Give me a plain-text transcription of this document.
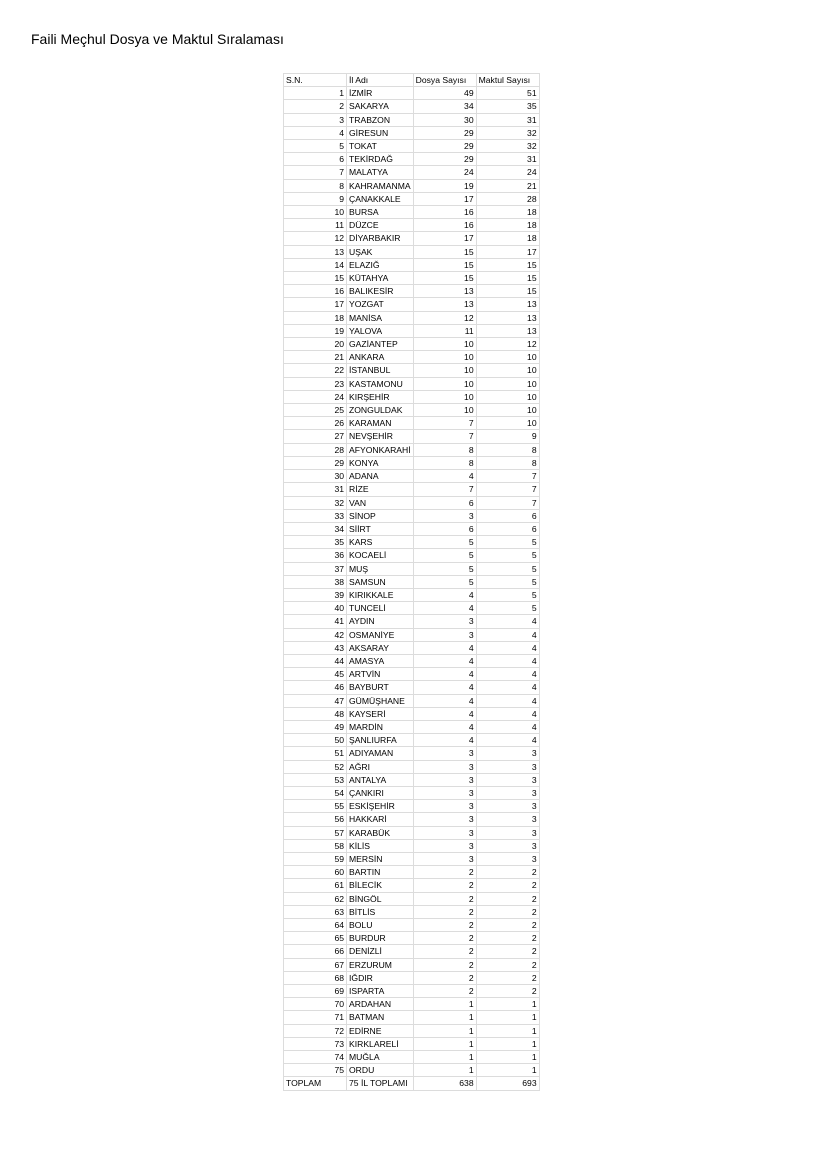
Faili Meçhul Dosya ve Maktul Sıralaması
S.N.	İl Adı	Dosya Sayısı	Maktul Sayısı
1	İZMİR	49	51
2	SAKARYA	34	35
3	TRABZON	30	31
4	GİRESUN	29	32
5	TOKAT	29	32
6	TEKİRDAĞ	29	31
7	MALATYA	24	24
8	KAHRAMANMA	19	21
9	ÇANAKKALE	17	28
10	BURSA	16	18
11	DÜZCE	16	18
12	DİYARBAKIR	17	18
13	UŞAK	15	17
14	ELAZIĞ	15	15
15	KÜTAHYA	15	15
16	BALIKESİR	13	15
17	YOZGAT	13	13
18	MANİSA	12	13
19	YALOVA	11	13
20	GAZİANTEP	10	12
21	ANKARA	10	10
22	İSTANBUL	10	10
23	KASTAMONU	10	10
24	KIRŞEHİR	10	10
25	ZONGULDAK	10	10
26	KARAMAN	7	10
27	NEVŞEHİR	7	9
28	AFYONKARAHİ	8	8
29	KONYA	8	8
30	ADANA	4	7
31	RİZE	7	7
32	VAN	6	7
33	SİNOP	3	6
34	SİİRT	6	6
35	KARS	5	5
36	KOCAELİ	5	5
37	MUŞ	5	5
38	SAMSUN	5	5
39	KIRIKKALE	4	5
40	TUNCELİ	4	5
41	AYDIN	3	4
42	OSMANİYE	3	4
43	AKSARAY	4	4
44	AMASYA	4	4
45	ARTVİN	4	4
46	BAYBURT	4	4
47	GÜMÜŞHANE	4	4
48	KAYSERİ	4	4
49	MARDİN	4	4
50	ŞANLIURFA	4	4
51	ADIYAMAN	3	3
52	AĞRI	3	3
53	ANTALYA	3	3
54	ÇANKIRI	3	3
55	ESKİŞEHİR	3	3
56	HAKKARİ	3	3
57	KARABÜK	3	3
58	KİLİS	3	3
59	MERSİN	3	3
60	BARTIN	2	2
61	BİLECİK	2	2
62	BİNGÖL	2	2
63	BİTLİS	2	2
64	BOLU	2	2
65	BURDUR	2	2
66	DENİZLİ	2	2
67	ERZURUM	2	2
68	IĞDIR	2	2
69	ISPARTA	2	2
70	ARDAHAN	1	1
71	BATMAN	1	1
72	EDİRNE	1	1
73	KIRKLARELİ	1	1
74	MUĞLA	1	1
75	ORDU	1	1
TOPLAM	75 İL TOPLAMI	638	693
